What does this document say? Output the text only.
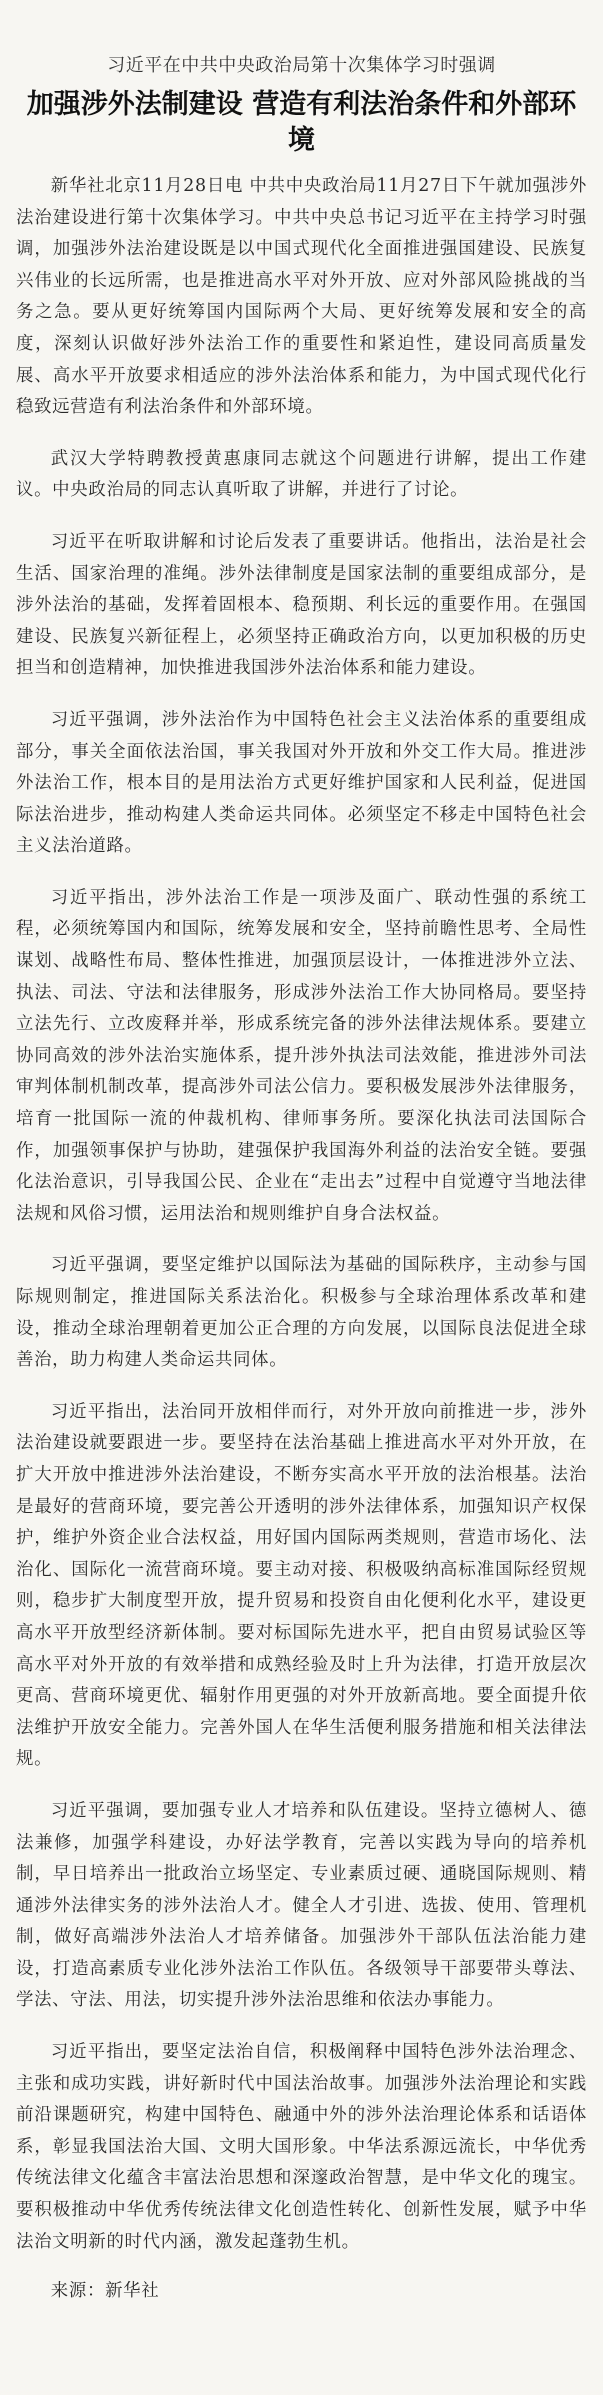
习近平在中共中央政治局第十次集体学习时强调
加强涉外法制建设 营造有利法治条件和外部环境

新华社北京11月28日电 中共中央政治局11月27日下午就加强涉外法治建设进行第十次集体学习。中共中央总书记习近平在主持学习时强调，加强涉外法治建设既是以中国式现代化全面推进强国建设、民族复兴伟业的长远所需，也是推进高水平对外开放、应对外部风险挑战的当务之急。要从更好统筹国内国际两个大局、更好统筹发展和安全的高度，深刻认识做好涉外法治工作的重要性和紧迫性，建设同高质量发展、高水平开放要求相适应的涉外法治体系和能力，为中国式现代化行稳致远营造有利法治条件和外部环境。

武汉大学特聘教授黄惠康同志就这个问题进行讲解，提出工作建议。中央政治局的同志认真听取了讲解，并进行了讨论。

习近平在听取讲解和讨论后发表了重要讲话。他指出，法治是社会生活、国家治理的准绳。涉外法律制度是国家法制的重要组成部分，是涉外法治的基础，发挥着固根本、稳预期、利长远的重要作用。在强国建设、民族复兴新征程上，必须坚持正确政治方向，以更加积极的历史担当和创造精神，加快推进我国涉外法治体系和能力建设。

习近平强调，涉外法治作为中国特色社会主义法治体系的重要组成部分，事关全面依法治国，事关我国对外开放和外交工作大局。推进涉外法治工作，根本目的是用法治方式更好维护国家和人民利益，促进国际法治进步，推动构建人类命运共同体。必须坚定不移走中国特色社会主义法治道路。

习近平指出，涉外法治工作是一项涉及面广、联动性强的系统工程，必须统筹国内和国际，统筹发展和安全，坚持前瞻性思考、全局性谋划、战略性布局、整体性推进，加强顶层设计，一体推进涉外立法、执法、司法、守法和法律服务，形成涉外法治工作大协同格局。要坚持立法先行、立改废释并举，形成系统完备的涉外法律法规体系。要建立协同高效的涉外法治实施体系，提升涉外执法司法效能，推进涉外司法审判体制机制改革，提高涉外司法公信力。要积极发展涉外法律服务，培育一批国际一流的仲裁机构、律师事务所。要深化执法司法国际合作，加强领事保护与协助，建强保护我国海外利益的法治安全链。要强化法治意识，引导我国公民、企业在“走出去”过程中自觉遵守当地法律法规和风俗习惯，运用法治和规则维护自身合法权益。

习近平强调，要坚定维护以国际法为基础的国际秩序，主动参与国际规则制定，推进国际关系法治化。积极参与全球治理体系改革和建设，推动全球治理朝着更加公正合理的方向发展，以国际良法促进全球善治，助力构建人类命运共同体。

习近平指出，法治同开放相伴而行，对外开放向前推进一步，涉外法治建设就要跟进一步。要坚持在法治基础上推进高水平对外开放，在扩大开放中推进涉外法治建设，不断夯实高水平开放的法治根基。法治是最好的营商环境，要完善公开透明的涉外法律体系，加强知识产权保护，维护外资企业合法权益，用好国内国际两类规则，营造市场化、法治化、国际化一流营商环境。要主动对接、积极吸纳高标准国际经贸规则，稳步扩大制度型开放，提升贸易和投资自由化便利化水平，建设更高水平开放型经济新体制。要对标国际先进水平，把自由贸易试验区等高水平对外开放的有效举措和成熟经验及时上升为法律，打造开放层次更高、营商环境更优、辐射作用更强的对外开放新高地。要全面提升依法维护开放安全能力。完善外国人在华生活便利服务措施和相关法律法规。

习近平强调，要加强专业人才培养和队伍建设。坚持立德树人、德法兼修，加强学科建设，办好法学教育，完善以实践为导向的培养机制，早日培养出一批政治立场坚定、专业素质过硬、通晓国际规则、精通涉外法律实务的涉外法治人才。健全人才引进、选拔、使用、管理机制，做好高端涉外法治人才培养储备。加强涉外干部队伍法治能力建设，打造高素质专业化涉外法治工作队伍。各级领导干部要带头尊法、学法、守法、用法，切实提升涉外法治思维和依法办事能力。

习近平指出，要坚定法治自信，积极阐释中国特色涉外法治理念、主张和成功实践，讲好新时代中国法治故事。加强涉外法治理论和实践前沿课题研究，构建中国特色、融通中外的涉外法治理论体系和话语体系，彰显我国法治大国、文明大国形象。中华法系源远流长，中华优秀传统法律文化蕴含丰富法治思想和深邃政治智慧，是中华文化的瑰宝。要积极推动中华优秀传统法律文化创造性转化、创新性发展，赋予中华法治文明新的时代内涵，激发起蓬勃生机。

来源：新华社
